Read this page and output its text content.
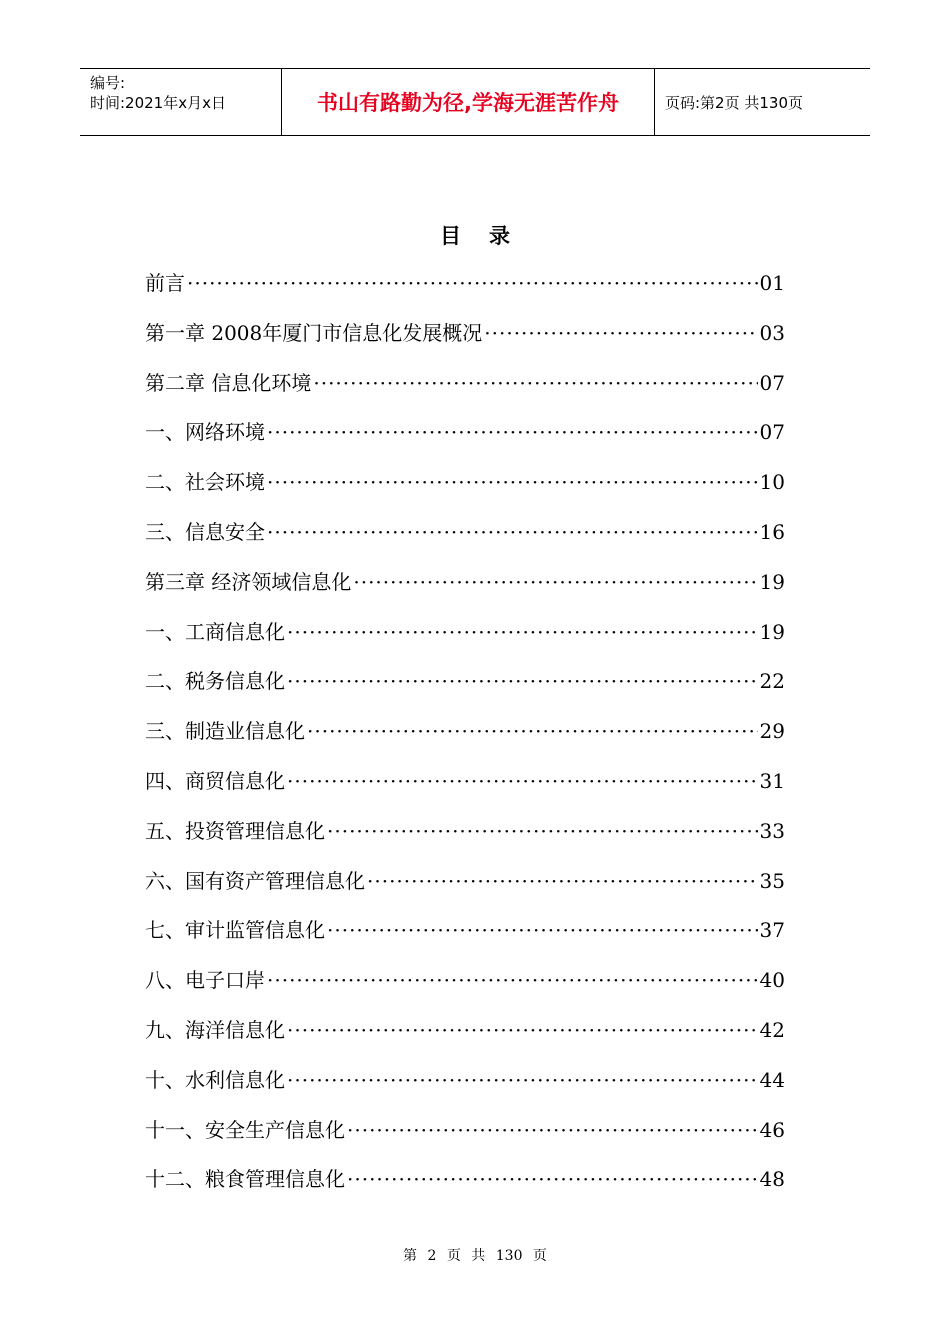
编号:
时间:2021年x月x日	书山有路勤为径,学海无涯苦作舟	页码:第2页 共130页
目录
前言 ·····	01
第一章 2008年厦门市信息化发展概况 ·····	03
第二章 信息化环境 ·····	07
一、网络环境 ·····	07
二、社会环境 ·····	10
三、信息安全 ·····	16
第三章 经济领域信息化 ·····	19
一、工商信息化 ·····	19
二、税务信息化 ·····	22
三、制造业信息化 ·····	29
四、商贸信息化 ·····	31
五、投资管理信息化 ·····	33
六、国有资产管理信息化 ·····	35
七、审计监管信息化 ·····	37
八、电子口岸 ·····	40
九、海洋信息化 ·····	42
十、水利信息化 ·····	44
十一、安全生产信息化 ·····	46
十二、粮食管理信息化 ·····	48
第 2 页 共 130 页
